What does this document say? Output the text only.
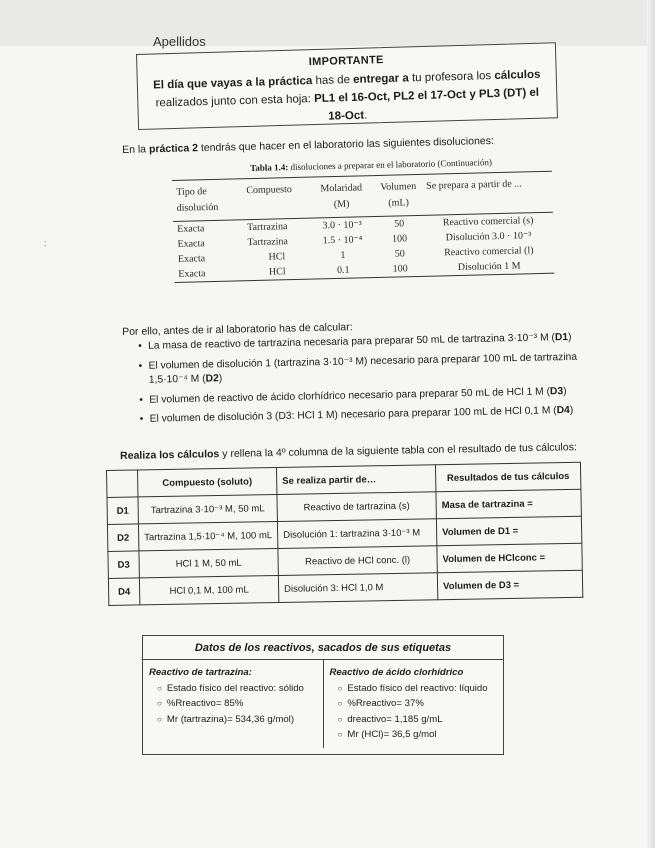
Apellidos
IMPORTANTE
El día que vayas a la práctica has de entregar a tu profesora los cálculos realizados junto con esta hoja: PL1 el 16-Oct, PL2 el 17-Oct y PL3 (DT) el 18-Oct.
En la práctica 2 tendrás que hacer en el laboratorio las siguientes disoluciones:
Tabla 1.4: disoluciones a preparar en el laboratorio (Continuación)
Tipo de disolución	Compuesto	Molaridad (M)	Volumen (mL)	Se prepara a partir de ...
Exacta	Tartrazina	3.0 · 10⁻³	50	Reactivo comercial (s)
Exacta	Tartrazina	1.5 · 10⁻⁴	100	Disolución 3.0 · 10⁻³
Exacta	HCl	1	50	Reactivo comercial (l)
Exacta	HCl	0.1	100	Disolución 1 M
:
Por ello, antes de ir al laboratorio has de calcular:
• La masa de reactivo de tartrazina necesaria para preparar 50 mL de tartrazina 3·10⁻³ M (D1)
• El volumen de disolución 1 (tartrazina 3·10⁻³ M) necesario para preparar 100 mL de tartrazina 1,5·10⁻⁴ M (D2)
• El volumen de reactivo de ácido clorhídrico necesario para preparar 50 mL de HCl 1 M (D3)
• El volumen de disolución 3 (D3: HCl 1 M) necesario para preparar 100 mL de HCl 0,1 M (D4)
Realiza los cálculos y rellena la 4º columna de la siguiente tabla con el resultado de tus cálculos:
	Compuesto (soluto)	Se realiza partir de…	Resultados de tus cálculos
D1	Tartrazina 3·10⁻³ M, 50 mL	Reactivo de tartrazina (s)	Masa de tartrazina =
D2	Tartrazina 1,5·10⁻⁴ M, 100 mL	Disolución 1: tartrazina 3·10⁻³ M	Volumen de D1 =
D3	HCl 1 M, 50 mL	Reactivo de HCl conc. (l)	Volumen de HClconc =
D4	HCl 0,1 M, 100 mL	Disolución 3: HCl 1,0 M	Volumen de D3 =
Datos de los reactivos, sacados de sus etiquetas
Reactivo de tartrazina:
○ Estado físico del reactivo: sólido
○ %Rreactivo= 85%
○ Mr (tartrazina)= 534,36 g/mol)
Reactivo de ácido clorhídrico
○ Estado físico del reactivo: líquido
○ %Rreactivo= 37%
○ dreactivo= 1,185 g/mL
○ Mr (HCl)= 36,5 g/mol
